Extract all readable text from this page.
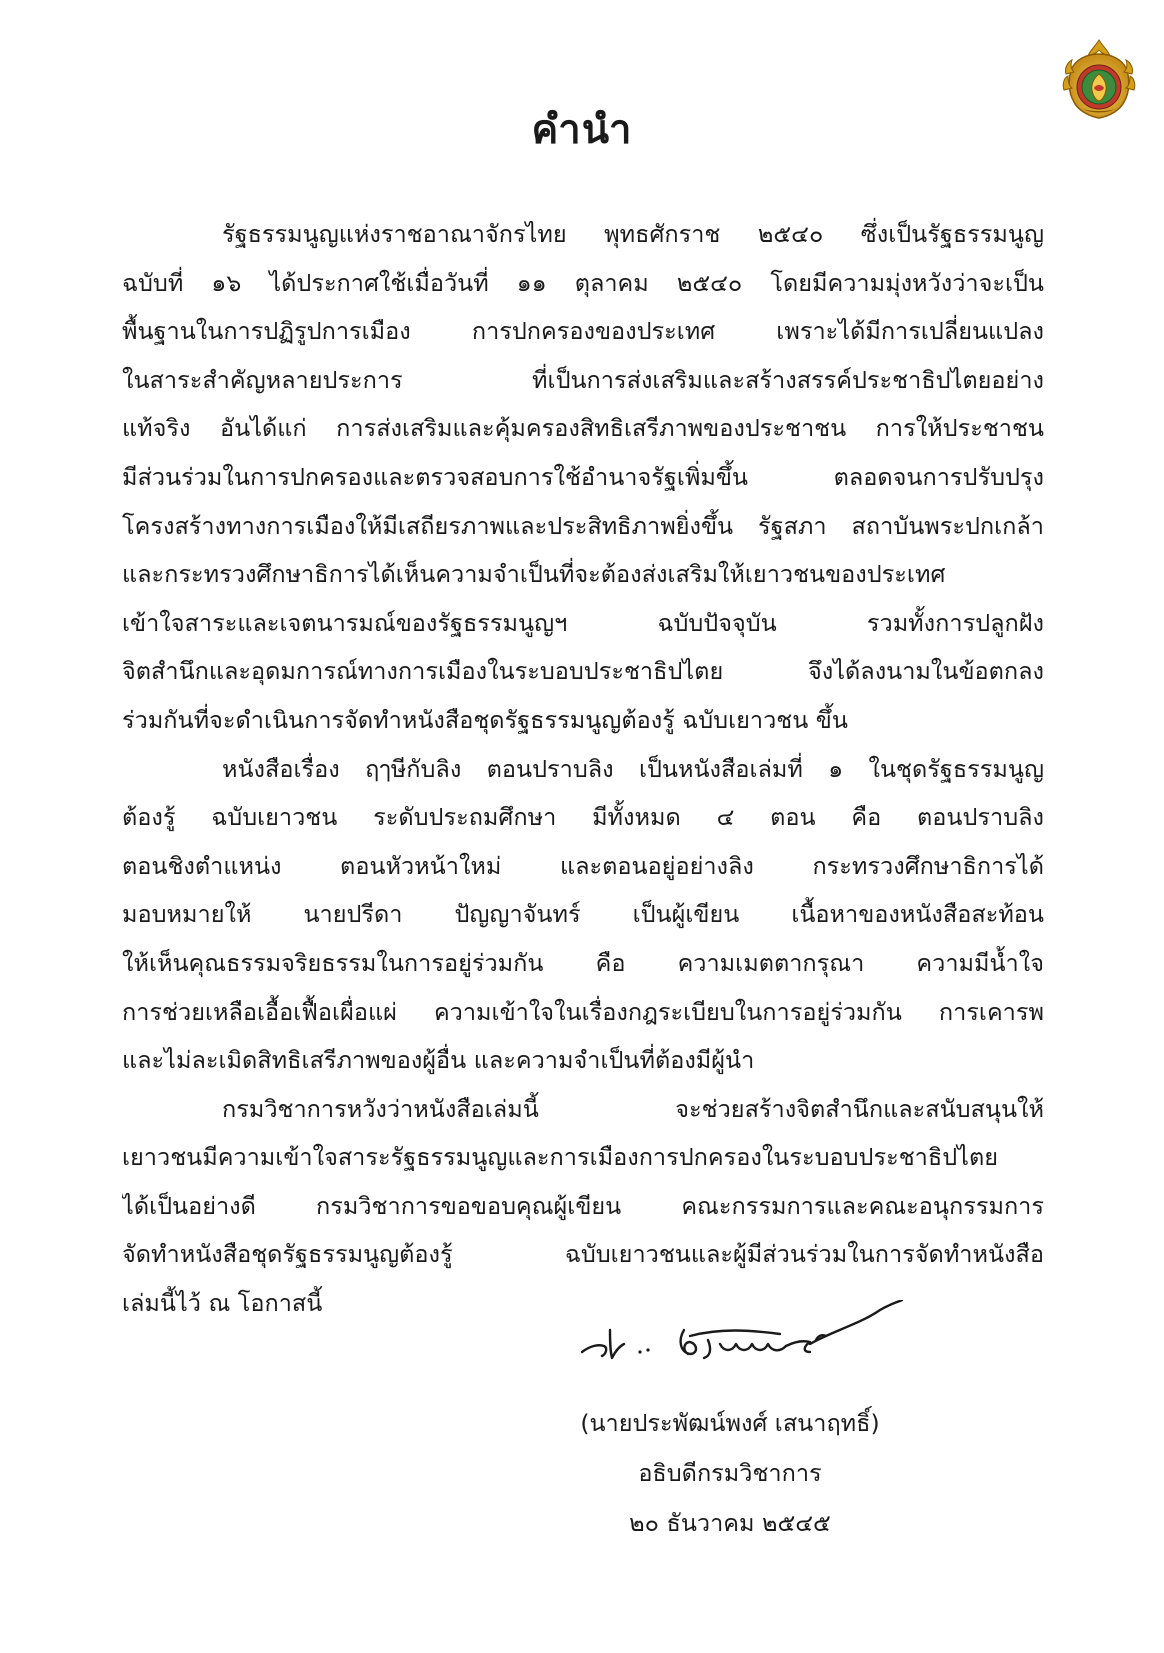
คำนำ
รัฐธรรมนูญแห่งราชอาณาจักรไทย พุทธศักราช ๒๕๔๐ ซึ่งเป็นรัฐธรรมนูญ
ฉบับที่ ๑๖ ได้ประกาศใช้เมื่อวันที่ ๑๑ ตุลาคม ๒๕๔๐ โดยมีความมุ่งหวังว่าจะเป็น
พื้นฐานในการปฏิรูปการเมือง การปกครองของประเทศ เพราะได้มีการเปลี่ยนแปลง
ในสาระสำคัญหลายประการ ที่เป็นการส่งเสริมและสร้างสรรค์ประชาธิปไตยอย่าง
แท้จริง อันได้แก่ การส่งเสริมและคุ้มครองสิทธิเสรีภาพของประชาชน การให้ประชาชน
มีส่วนร่วมในการปกครองและตรวจสอบการใช้อำนาจรัฐเพิ่มขึ้น ตลอดจนการปรับปรุง
โครงสร้างทางการเมืองให้มีเสถียรภาพและประสิทธิภาพยิ่งขึ้น รัฐสภา สถาบันพระปกเกล้า
และกระทรวงศึกษาธิการได้เห็นความจำเป็นที่จะต้องส่งเสริมให้เยาวชนของประเทศ
เข้าใจสาระและเจตนารมณ์ของรัฐธรรมนูญฯ ฉบับปัจจุบัน รวมทั้งการปลูกฝัง
จิตสำนึกและอุดมการณ์ทางการเมืองในระบอบประชาธิปไตย จึงได้ลงนามในข้อตกลง
ร่วมกันที่จะดำเนินการจัดทำหนังสือชุดรัฐธรรมนูญต้องรู้ ฉบับเยาวชน ขึ้น
หนังสือเรื่อง ฤๅษีกับลิง ตอนปราบลิง เป็นหนังสือเล่มที่ ๑ ในชุดรัฐธรรมนูญ
ต้องรู้ ฉบับเยาวชน ระดับประถมศึกษา มีทั้งหมด ๔ ตอน คือ ตอนปราบลิง
ตอนชิงตำแหน่ง ตอนหัวหน้าใหม่ และตอนอยู่อย่างลิง กระทรวงศึกษาธิการได้
มอบหมายให้ นายปรีดา ปัญญาจันทร์ เป็นผู้เขียน เนื้อหาของหนังสือสะท้อน
ให้เห็นคุณธรรมจริยธรรมในการอยู่ร่วมกัน คือ ความเมตตากรุณา ความมีน้ำใจ
การช่วยเหลือเอื้อเฟื้อเผื่อแผ่ ความเข้าใจในเรื่องกฎระเบียบในการอยู่ร่วมกัน การเคารพ
และไม่ละเมิดสิทธิเสรีภาพของผู้อื่น และความจำเป็นที่ต้องมีผู้นำ
กรมวิชาการหวังว่าหนังสือเล่มนี้ จะช่วยสร้างจิตสำนึกและสนับสนุนให้
เยาวชนมีความเข้าใจสาระรัฐธรรมนูญและการเมืองการปกครองในระบอบประชาธิปไตย
ได้เป็นอย่างดี กรมวิชาการขอขอบคุณผู้เขียน คณะกรรมการและคณะอนุกรรมการ
จัดทำหนังสือชุดรัฐธรรมนูญต้องรู้ ฉบับเยาวชนและผู้มีส่วนร่วมในการจัดทำหนังสือ
เล่มนี้ไว้ ณ โอกาสนี้
(นายประพัฒน์พงศ์ เสนาฤทธิ์)
อธิบดีกรมวิชาการ
๒๐ ธันวาคม ๒๕๔๕
